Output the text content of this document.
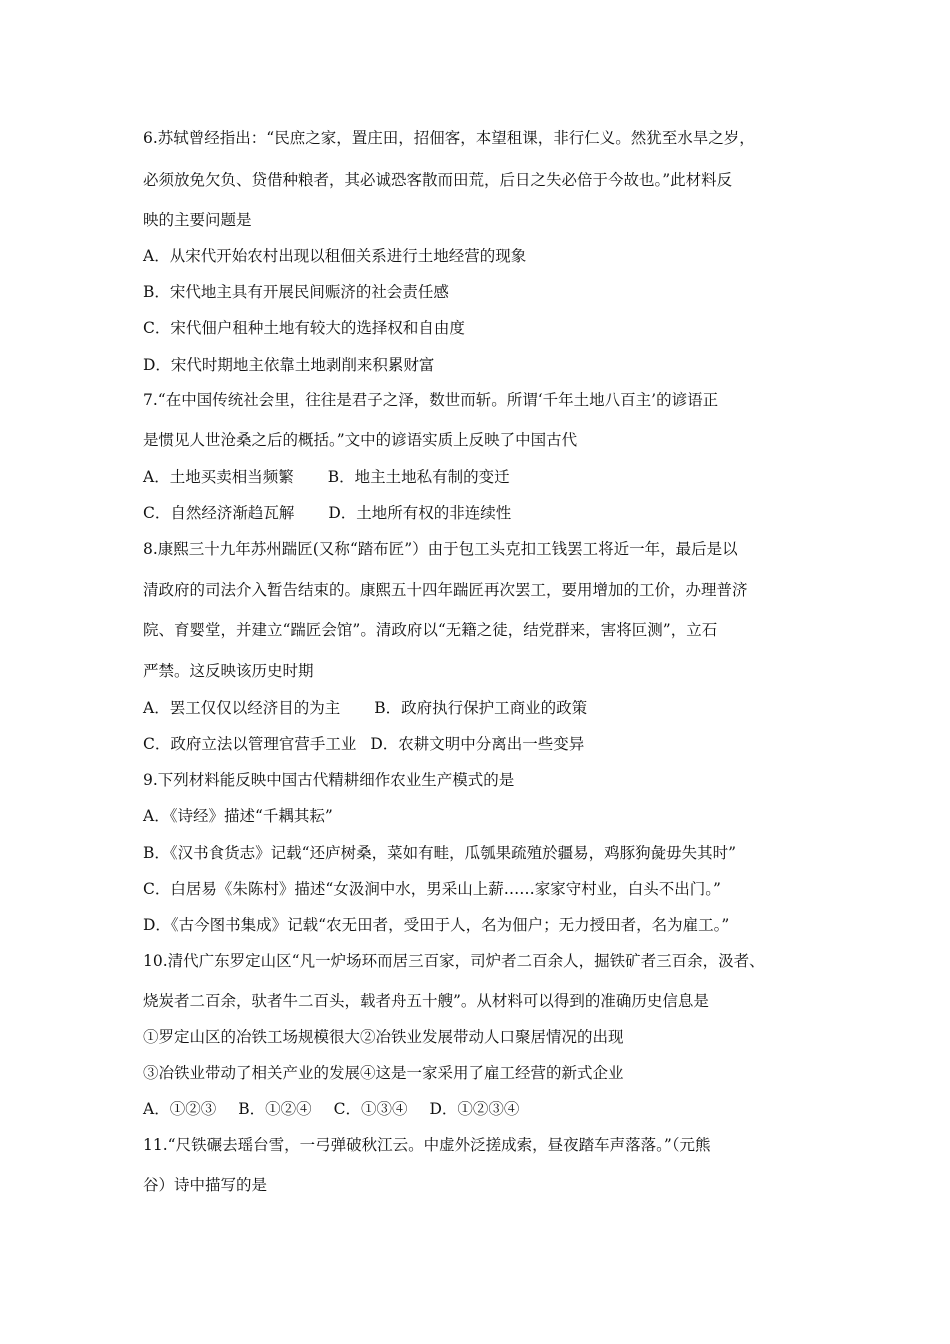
6.苏轼曾经指出：“民庶之家，置庄田，招佃客，本望租课，非行仁义。然犹至水旱之岁，
必须放免欠负、贷借种粮者，其必诚恐客散而田荒，后日之失必倍于今故也。”此材料反
映的主要问题是
A．从宋代开始农村出现以租佃关系进行土地经营的现象
B．宋代地主具有开展民间赈济的社会责任感
C．宋代佃户租种土地有较大的选择权和自由度
D．宋代时期地主依靠土地剥削来积累财富
7.“在中国传统社会里，往往是君子之泽，数世而斩。所谓‘千年土地八百主’的谚语正
是惯见人世沧桑之后的概括。”文中的谚语实质上反映了中国古代
A．土地买卖相当频繁 B．地主土地私有制的变迁
C．自然经济渐趋瓦解 D．土地所有权的非连续性
8.康熙三十九年苏州踹匠(又称“踏布匠”）由于包工头克扣工钱罢工将近一年，最后是以
清政府的司法介入暂告结束的。康熙五十四年踹匠再次罢工，要用增加的工价，办理普济
院、育婴堂，并建立“踹匠会馆”。清政府以“无籍之徒，结党群来，害将叵测”，立石
严禁。这反映该历史时期
A．罢工仅仅以经济目的为主 B．政府执行保护工商业的政策
C．政府立法以管理官营手工业 D．农耕文明中分离出一些变异
9.下列材料能反映中国古代精耕细作农业生产模式的是
A．《诗经》描述“千耦其耘”
B．《汉书食货志》记载“还庐树桑，菜如有畦，瓜瓠果疏殖於疆易，鸡豚狗彘毋失其时”
C．白居易《朱陈村》描述“女汲涧中水，男采山上薪……家家守村业，白头不出门。”
D．《古今图书集成》记载“农无田者，受田于人，名为佃户；无力授田者，名为雇工。”
10.清代广东罗定山区“凡一炉场环而居三百家，司炉者二百余人，掘铁矿者三百余，汲者、
烧炭者二百余，驮者牛二百头，载者舟五十艘”。从材料可以得到的准确历史信息是
①罗定山区的冶铁工场规模很大②冶铁业发展带动人口聚居情况的出现
③冶铁业带动了相关产业的发展④这是一家采用了雇工经营的新式企业
A．①②③ B．①②④ C．①③④ D．①②③④
11.“尺铁碾去瑶台雪，一弓弹破秋江云。中虚外泛搓成索，昼夜踏车声落落。”（元熊
谷）诗中描写的是
